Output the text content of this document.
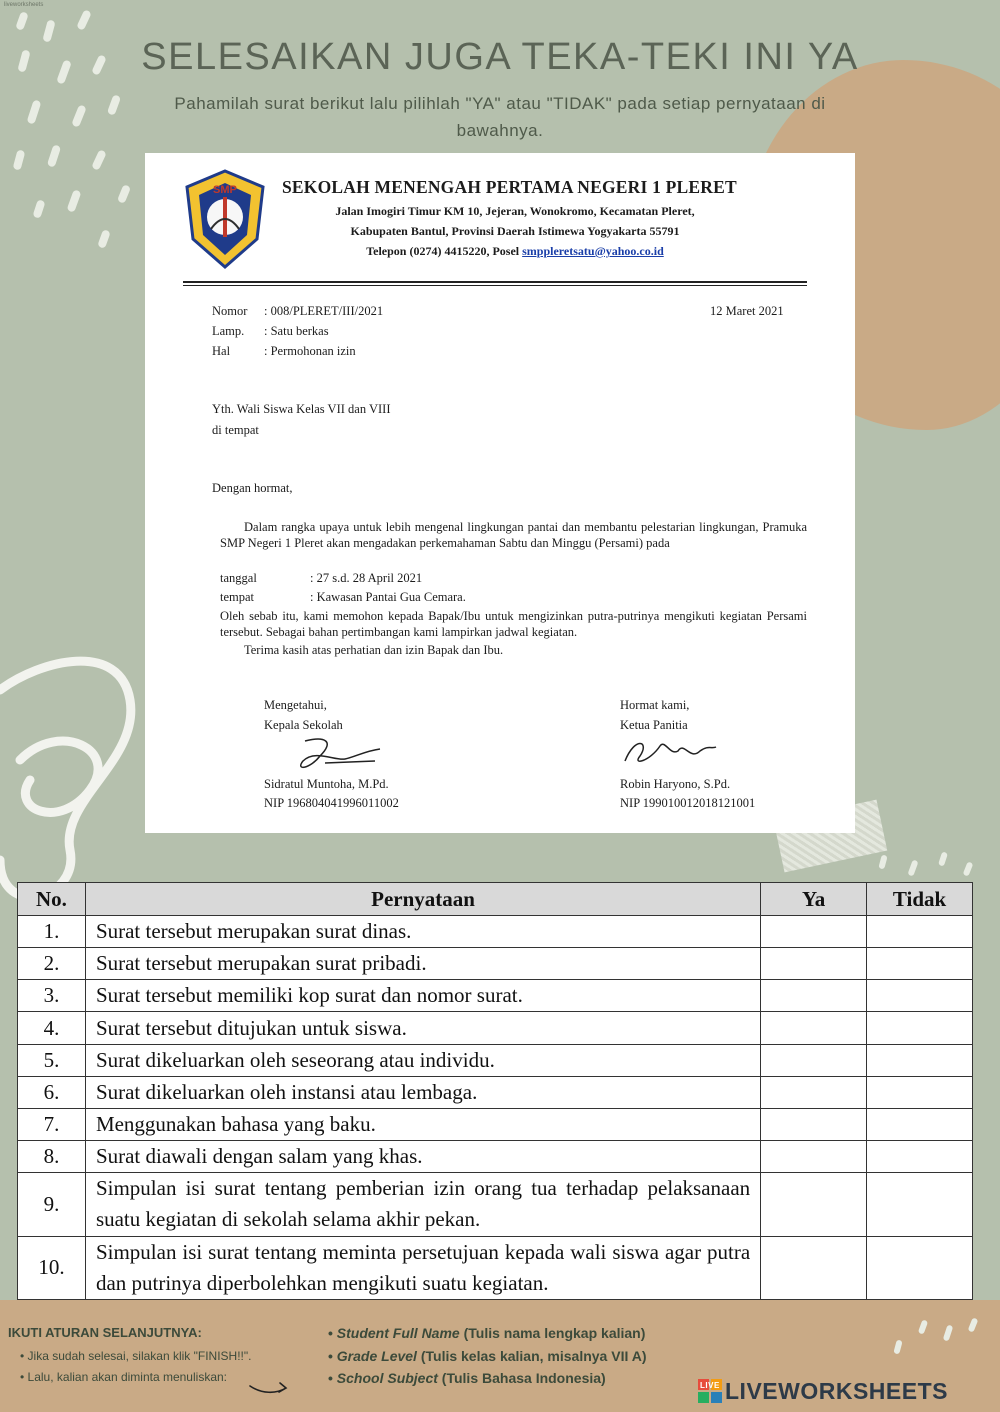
liveworksheets
SELESAIKAN JUGA TEKA-TEKI INI YA
Pahamilah surat berikut lalu pilihlah "YA" atau "TIDAK" pada setiap pernyataan di bawahnya.
SMP	SEKOLAH MENENGAH PERTAMA NEGERI 1 PLERET
Jalan Imogiri Timur KM 10, Jejeran, Wonokromo, Kecamatan Pleret,
Kabupaten Bantul, Provinsi Daerah Istimewa Yogyakarta 55791
Telepon (0274) 4415220, Posel smppleretsatu@yahoo.co.id
Nomor : 008/PLERET/III/2021
Lamp. : Satu berkas
Hal	: Permohonan izin
12 Maret 2021
Yth. Wali Siswa Kelas VII dan VIII
di tempat
Dengan hormat,
Dalam rangka upaya untuk lebih mengenal lingkungan pantai dan membantu pelestarian lingkungan, Pramuka SMP Negeri 1 Pleret akan mengadakan perkemahaman Sabtu dan Minggu (Persami) pada
tanggal	: 27 s.d. 28 April 2021
tempat	: Kawasan Pantai Gua Cemara.
Oleh sebab itu, kami memohon kepada Bapak/Ibu untuk mengizinkan putra-putrinya mengikuti kegiatan Persami tersebut. Sebagai bahan pertimbangan kami lampirkan jadwal kegiatan.
Terima kasih atas perhatian dan izin Bapak dan Ibu.
Mengetahui,
Kepala Sekolah
Sidratul Muntoha, M.Pd.
NIP 196804041996011002
Hormat kami,
Ketua Panitia
Robin Haryono, S.Pd.
NIP 199010012018121001
No.	Pernyataan	Ya	Tidak
1.	Surat tersebut merupakan surat dinas.		
2.	Surat tersebut merupakan surat pribadi.		
3.	Surat tersebut memiliki kop surat dan nomor surat.		
4.	Surat tersebut ditujukan untuk siswa.		
5.	Surat dikeluarkan oleh seseorang atau individu.		
6.	Surat dikeluarkan oleh instansi atau lembaga.		
7.	Menggunakan bahasa yang baku.		
8.	Surat diawali dengan salam yang khas.		
9.	Simpulan isi surat tentang pemberian izin orang tua terhadap pelaksanaan suatu kegiatan di sekolah selama akhir pekan.		
10.	Simpulan isi surat tentang meminta persetujuan kepada wali siswa agar putra dan putrinya diperbolehkan mengikuti suatu kegiatan.		
IKUTI ATURAN SELANJUTNYA:
• Jika sudah selesai, silakan klik "FINISH!!".
• Lalu, kalian akan diminta menuliskan:
• Student Full Name (Tulis nama lengkap kalian)
• Grade Level (Tulis kelas kalian, misalnya VII A)
• School Subject (Tulis Bahasa Indonesia)	LIVE LIVEWORKSHEETS
